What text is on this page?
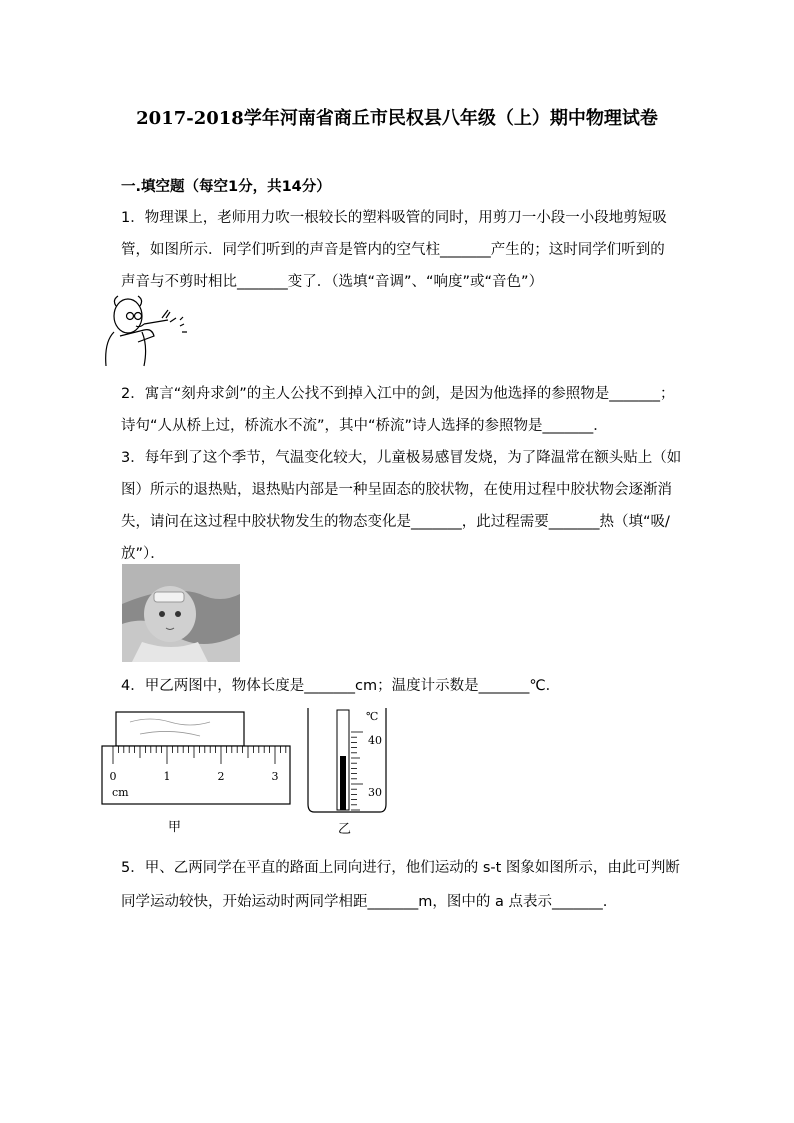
2017-2018学年河南省商丘市民权县八年级（上）期中物理试卷
一.填空题（每空1分，共14分）
1．物理课上，老师用力吹一根较长的塑料吸管的同时，用剪刀一小段一小段地剪短吸
管，如图所示．同学们听到的声音是管内的空气柱_______产生的；这时同学们听到的
声音与不剪时相比_______变了．（选填“音调”、“响度”或“音色”）
2．寓言“刻舟求剑”的主人公找不到掉入江中的剑，是因为他选择的参照物是_______；
诗句“人从桥上过，桥流水不流”，其中“桥流”诗人选择的参照物是_______．
3．每年到了这个季节，气温变化较大，儿童极易感冒发烧，为了降温常在额头贴上（如
图）所示的退热贴，退热贴内部是一种呈固态的胶状物，在使用过程中胶状物会逐渐消
失，请问在这过程中胶状物发生的物态变化是_______，此过程需要_______热（填“吸/
放”）．
4．甲乙两图中，物体长度是_______cm；温度计示数是_______℃．
cm
0	1	2	3
甲
℃
40
30
乙
5．甲、乙两同学在平直的路面上同向进行，他们运动的 s-t 图象如图所示，由此可判断
同学运动较快，开始运动时两同学相距_______m，图中的 a 点表示_______.
